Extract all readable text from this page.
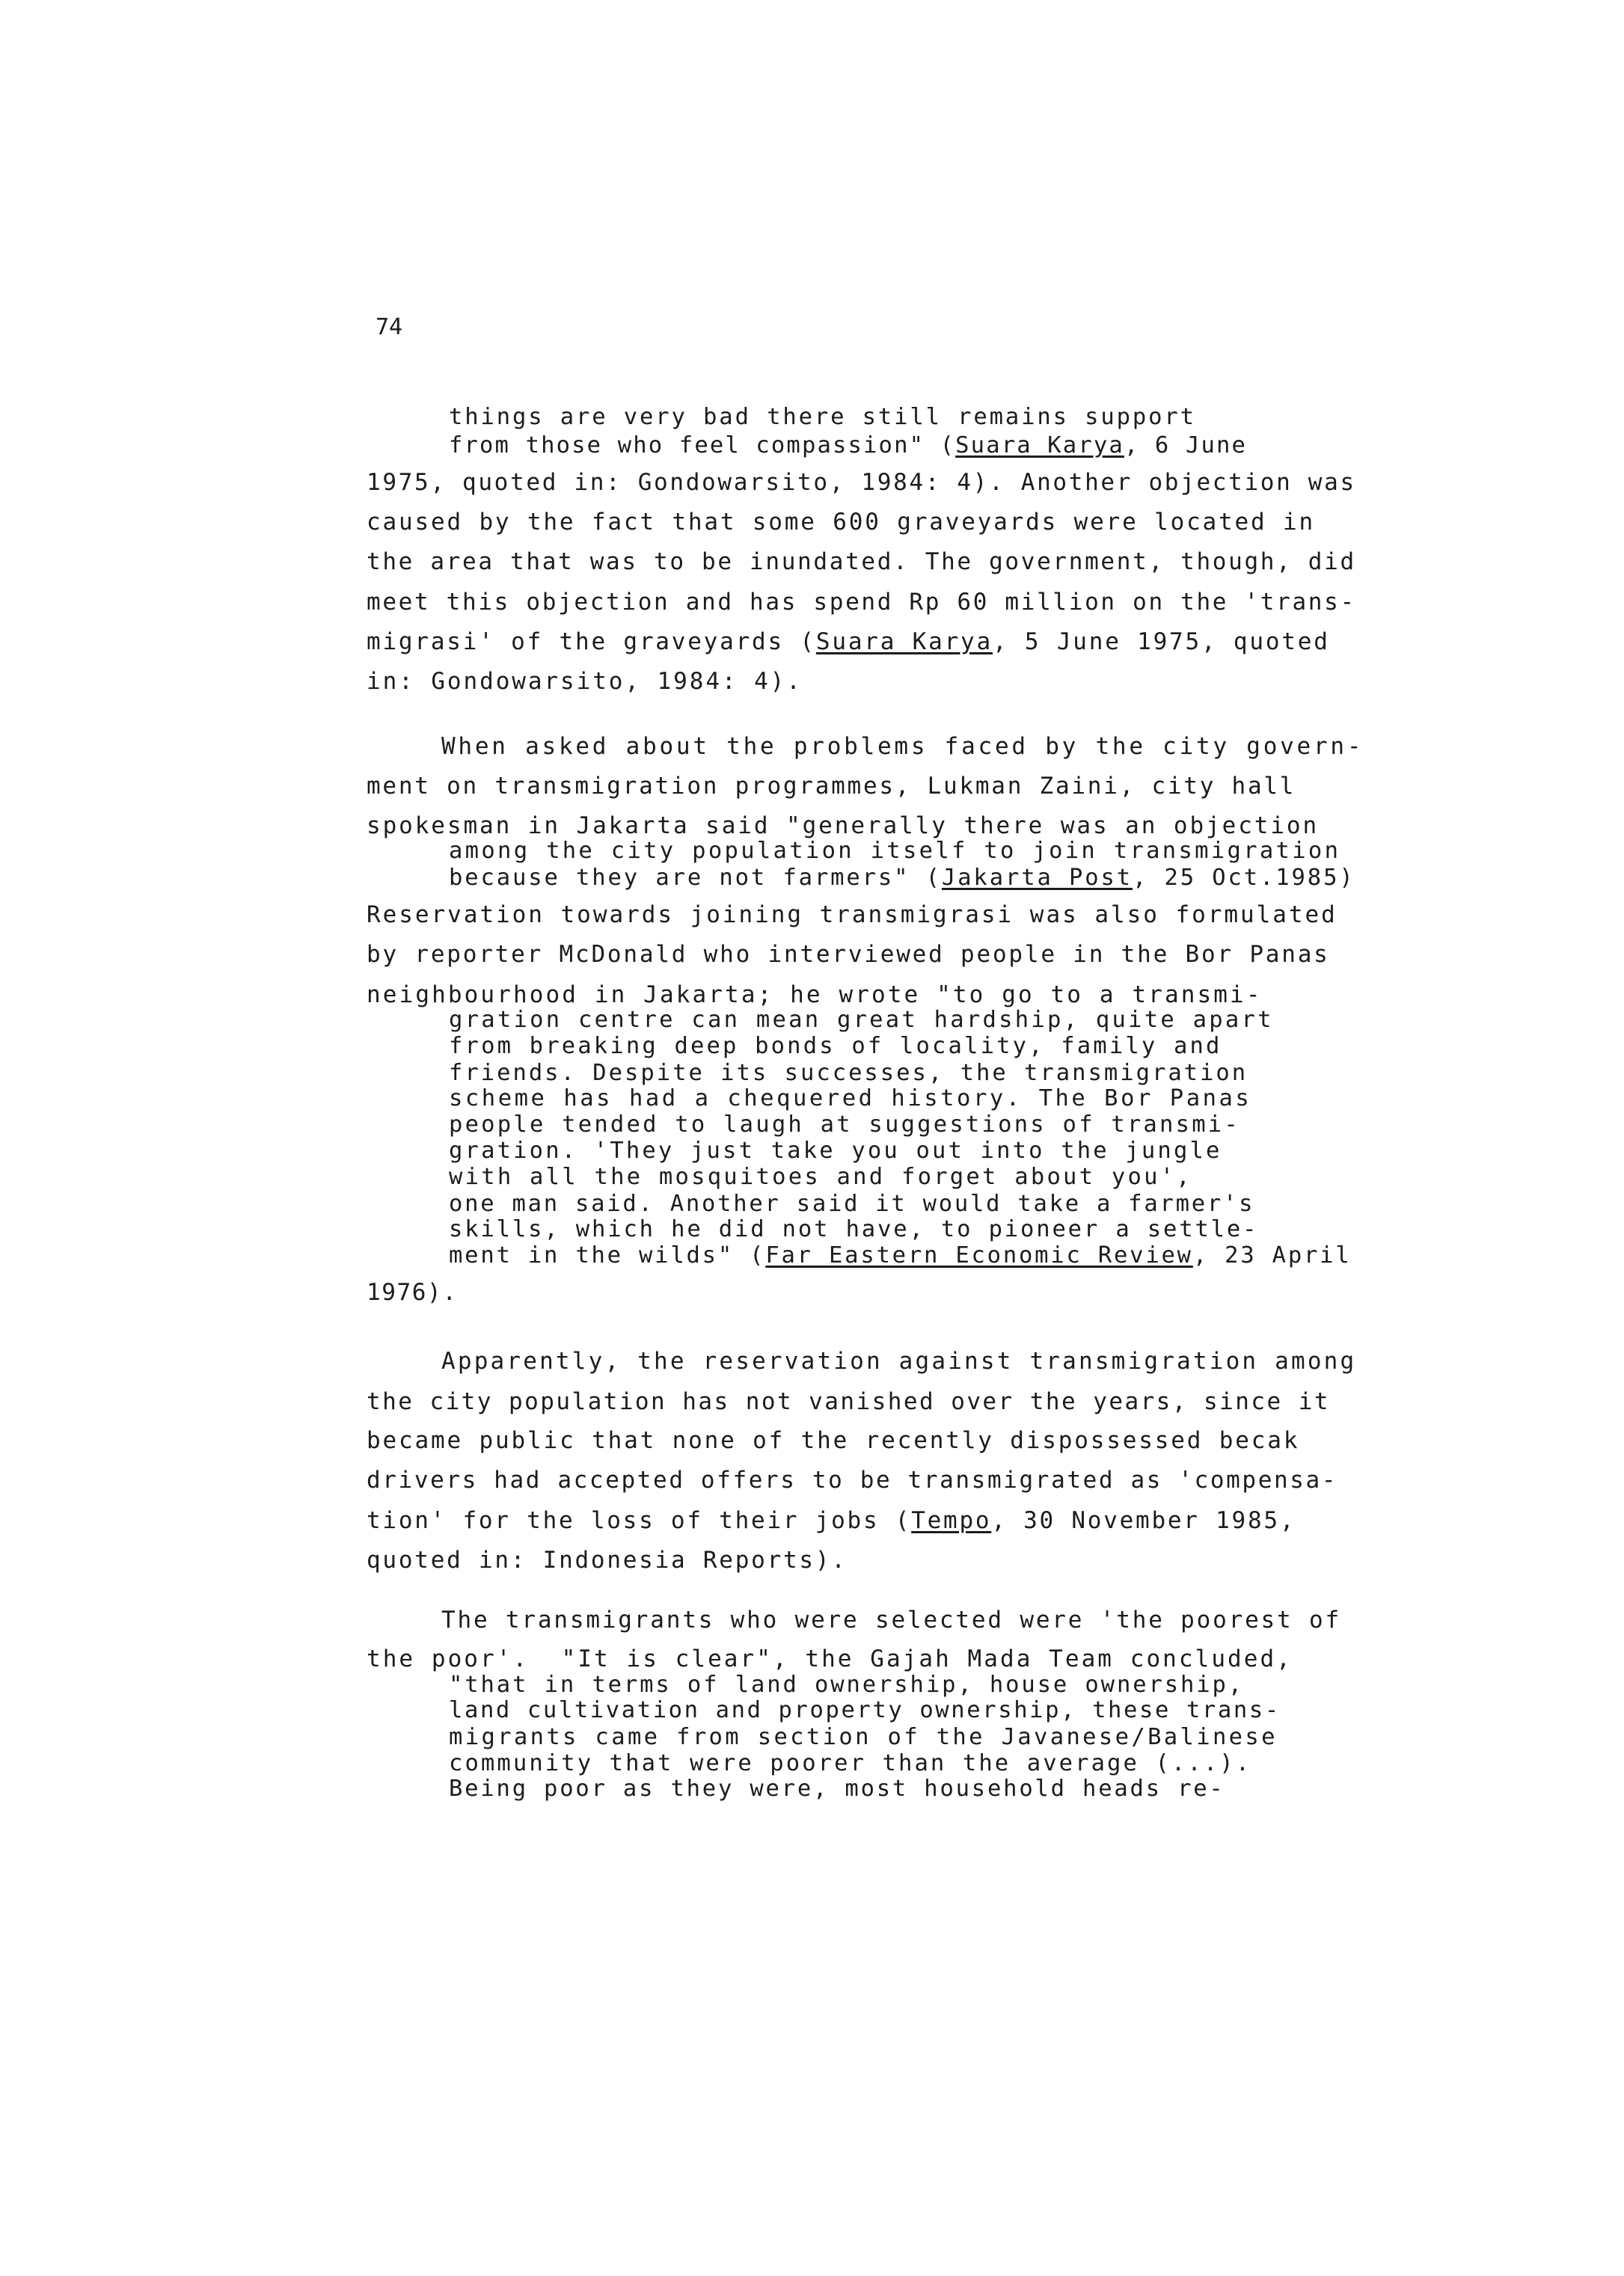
74
things are very bad there still remains support
from those who feel compassion" (Suara Karya, 6 June
1975, quoted in: Gondowarsito, 1984: 4). Another objection was
caused by the fact that some 600 graveyards were located in
the area that was to be inundated. The government, though, did
meet this objection and has spend Rp 60 million on the 'trans-
migrasi' of the graveyards (Suara Karya, 5 June 1975, quoted
in: Gondowarsito, 1984: 4).
When asked about the problems faced by the city govern-
ment on transmigration programmes, Lukman Zaini, city hall
spokesman in Jakarta said "generally there was an objection
among the city population itself to join transmigration
because they are not farmers" (Jakarta Post, 25 Oct.1985)
Reservation towards joining transmigrasi was also formulated
by reporter McDonald who interviewed people in the Bor Panas
neighbourhood in Jakarta; he wrote "to go to a transmi-
gration centre can mean great hardship, quite apart
from breaking deep bonds of locality, family and
friends. Despite its successes, the transmigration
scheme has had a chequered history. The Bor Panas
people tended to laugh at suggestions of transmi-
gration. 'They just take you out into the jungle
with all the mosquitoes and forget about you',
one man said. Another said it would take a farmer's
skills, which he did not have, to pioneer a settle-
ment in the wilds" (Far Eastern Economic Review, 23 April
1976).
Apparently, the reservation against transmigration among
the city population has not vanished over the years, since it
became public that none of the recently dispossessed becak
drivers had accepted offers to be transmigrated as 'compensa-
tion' for the loss of their jobs (Tempo, 30 November 1985,
quoted in: Indonesia Reports).
The transmigrants who were selected were 'the poorest of
the poor'.  "It is clear", the Gajah Mada Team concluded,
"that in terms of land ownership, house ownership,
land cultivation and property ownership, these trans-
migrants came from section of the Javanese/Balinese
community that were poorer than the average (...).
Being poor as they were, most household heads re-
